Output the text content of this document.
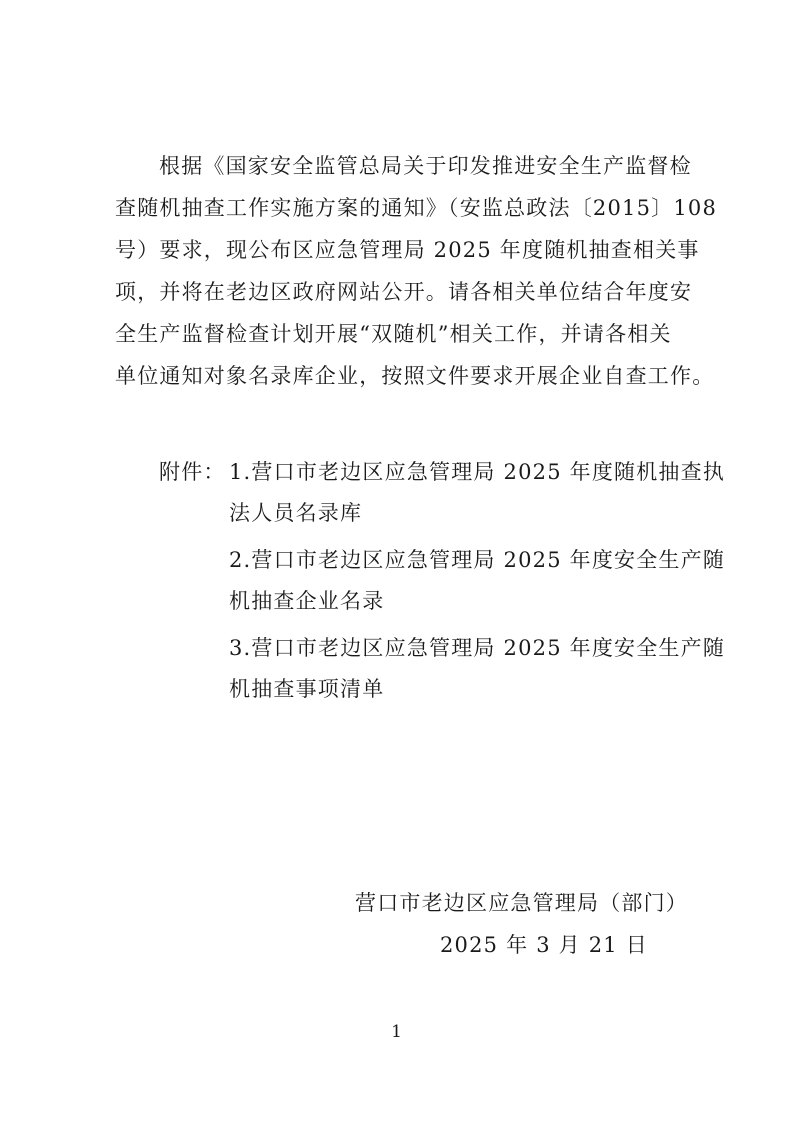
根据《国家安全监管总局关于印发推进安全生产监督检
查随机抽查工作实施方案的通知》（安监总政法〔2015〕108
号）要求，现公布区应急管理局 2025 年度随机抽查相关事
项，并将在老边区政府网站公开。请各相关单位结合年度安
全生产监督检查计划开展“双随机”相关工作，并请各相关
单位通知对象名录库企业，按照文件要求开展企业自查工作。
附件： 1.营口市老边区应急管理局 2025 年度随机抽查执
法人员名录库
2.营口市老边区应急管理局 2025 年度安全生产随
机抽查企业名录
3.营口市老边区应急管理局 2025 年度安全生产随
机抽查事项清单
营口市老边区应急管理局（部门）
2025 年 3 月 21 日
1
